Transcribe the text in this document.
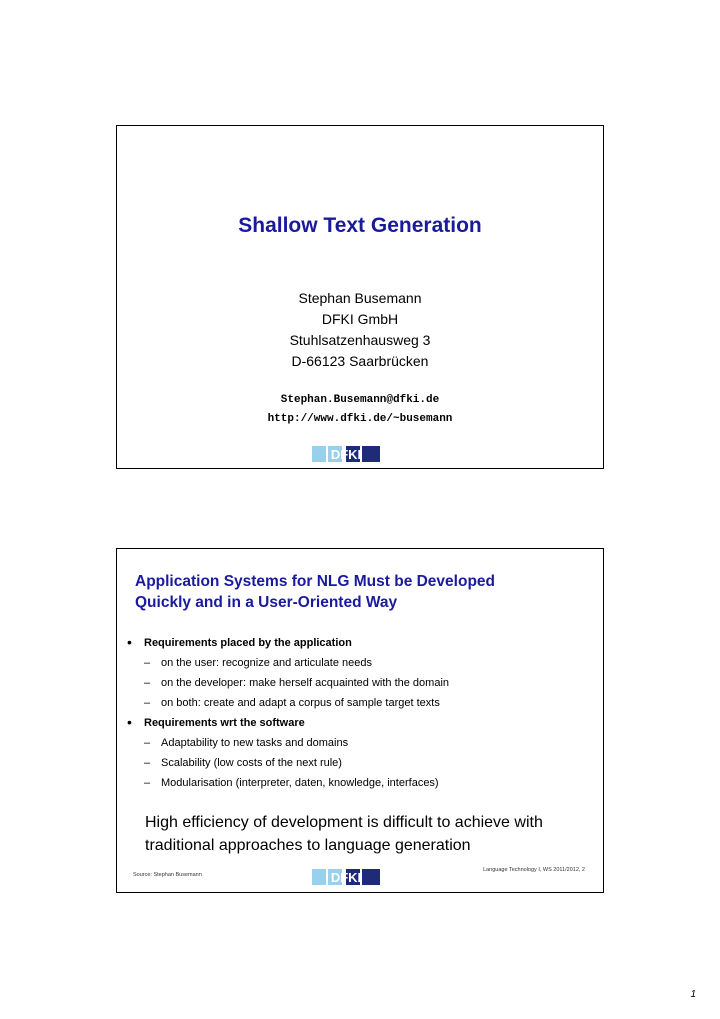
Shallow Text Generation
Stephan Busemann
DFKI GmbH
Stuhlsatzenhausweg 3
D-66123 Saarbrücken
Stephan.Busemann@dfki.de
http://www.dfki.de/~busemann
DFKI
Application Systems for NLG Must be Developed
Quickly and in a User-Oriented Way
• Requirements placed by the application
– on the user: recognize and articulate needs
– on the developer: make herself acquainted with the domain
– on both: create and adapt a corpus of sample target texts
• Requirements wrt the software
– Adaptability to new tasks and domains
– Scalability (low costs of the next rule)
– Modularisation (interpreter, daten, knowledge, interfaces)
High efficiency of development is difficult to achieve with
traditional approaches to language generation
Source: Stephan Busemann	DFKI	Language Technology I, WS 2011/2012, 2
1
